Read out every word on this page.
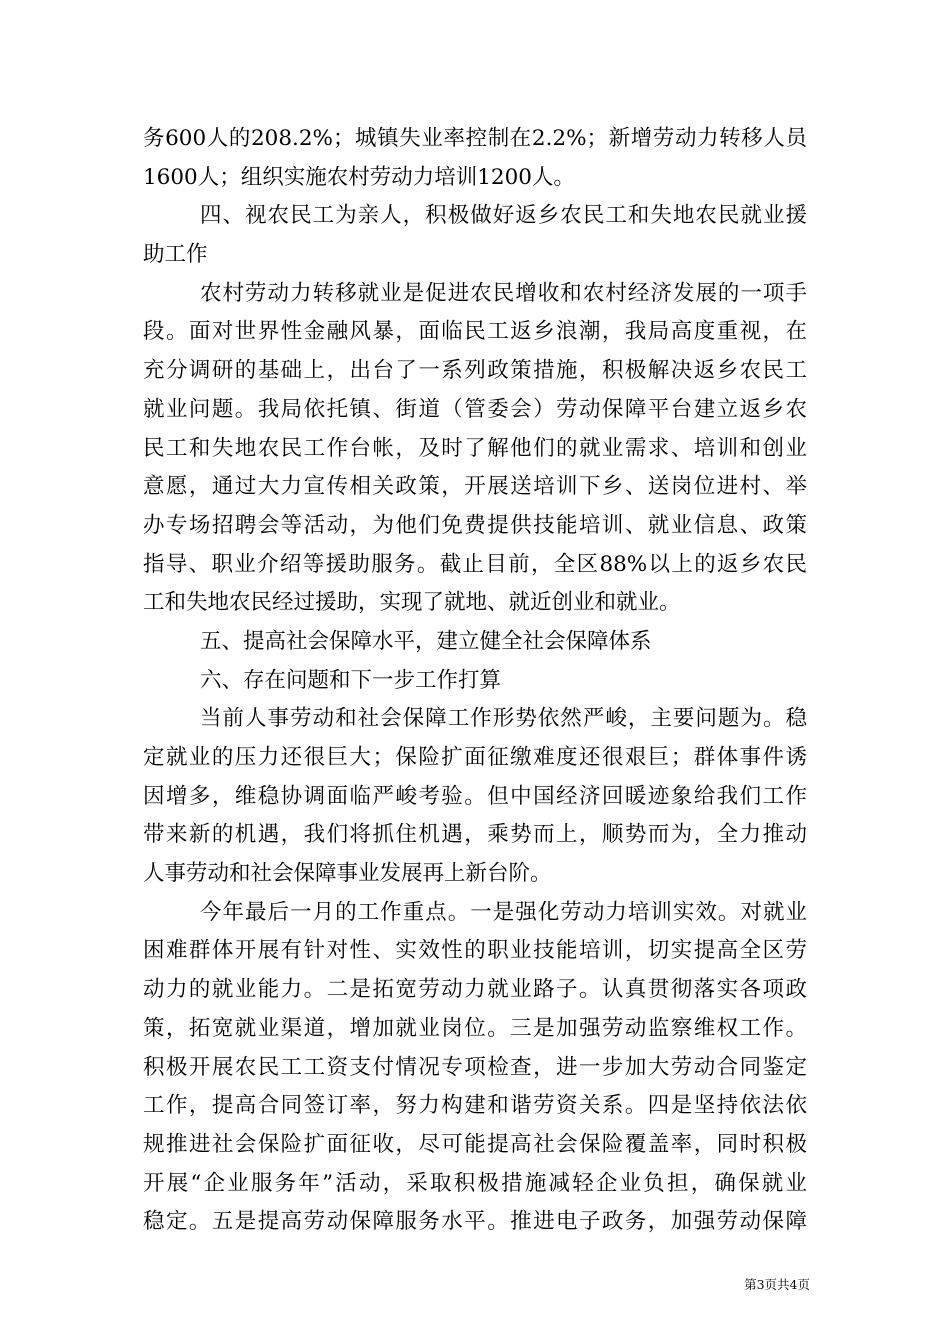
务600人的208.2%；城镇失业率控制在2.2%；新增劳动力转移人员
1600人；组织实施农村劳动力培训1200人。
四、视农民工为亲人，积极做好返乡农民工和失地农民就业援
助工作
农村劳动力转移就业是促进农民增收和农村经济发展的一项手
段。面对世界性金融风暴，面临民工返乡浪潮，我局高度重视，在
充分调研的基础上，出台了一系列政策措施，积极解决返乡农民工
就业问题。我局依托镇、街道（管委会）劳动保障平台建立返乡农
民工和失地农民工作台帐，及时了解他们的就业需求、培训和创业
意愿，通过大力宣传相关政策，开展送培训下乡、送岗位进村、举
办专场招聘会等活动，为他们免费提供技能培训、就业信息、政策
指导、职业介绍等援助服务。截止目前，全区88%以上的返乡农民
工和失地农民经过援助，实现了就地、就近创业和就业。
五、提高社会保障水平，建立健全社会保障体系
六、存在问题和下一步工作打算
当前人事劳动和社会保障工作形势依然严峻，主要问题为。稳
定就业的压力还很巨大；保险扩面征缴难度还很艰巨；群体事件诱
因增多，维稳协调面临严峻考验。但中国经济回暖迹象给我们工作
带来新的机遇，我们将抓住机遇，乘势而上，顺势而为，全力推动
人事劳动和社会保障事业发展再上新台阶。
今年最后一月的工作重点。一是强化劳动力培训实效。对就业
困难群体开展有针对性、实效性的职业技能培训，切实提高全区劳
动力的就业能力。二是拓宽劳动力就业路子。认真贯彻落实各项政
策，拓宽就业渠道，增加就业岗位。三是加强劳动监察维权工作。
积极开展农民工工资支付情况专项检查，进一步加大劳动合同鉴定
工作，提高合同签订率，努力构建和谐劳资关系。四是坚持依法依
规推进社会保险扩面征收，尽可能提高社会保险覆盖率，同时积极
开展“企业服务年”活动，采取积极措施减轻企业负担，确保就业
稳定。五是提高劳动保障服务水平。推进电子政务，加强劳动保障
第3页共4页
